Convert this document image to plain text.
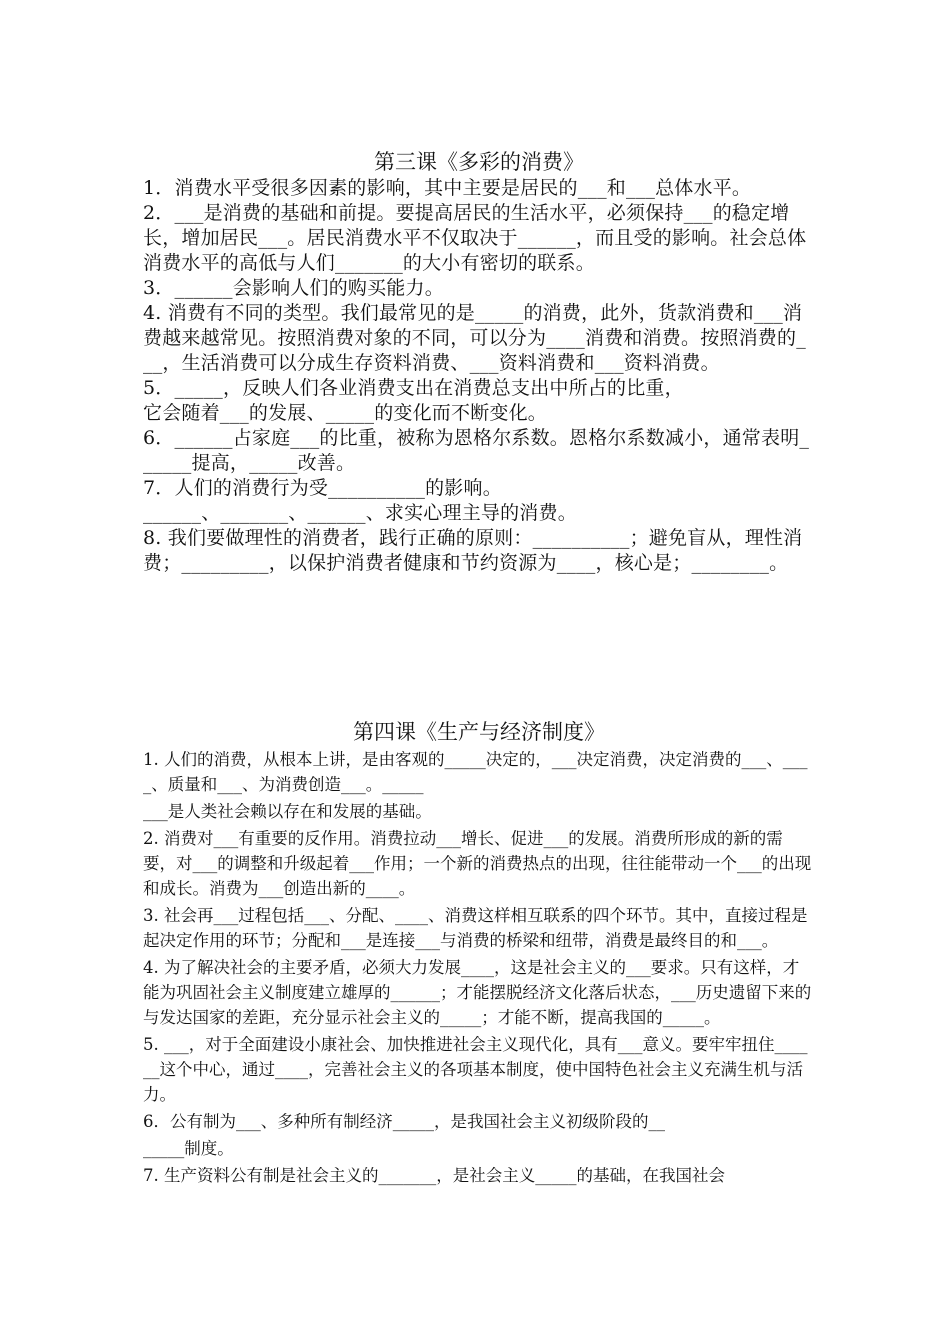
第三课《多彩的消费》

1．消费水平受很多因素的影响，其中主要是居民的___和___总体水平。

2．___是消费的基础和前提。要提高居民的生活水平，必须保持___的稳定增长，增加居民___。居民消费水平不仅取决于______，而且受的影响。社会总体消费水平的高低与人们_______的大小有密切的联系。

3．______会影响人们的购买能力。

4. 消费有不同的类型。我们最常见的是_____的消费，此外，货款消费和___消费越来越常见。按照消费对象的不同，可以分为____消费和消费。按照消费的___，生活消费可以分成生存资料消费、___资料消费和___资料消费。

5．_____，反映人们各业消费支出在消费总支出中所占的比重，

它会随着___的发展、_____的变化而不断变化。

6．______占家庭___的比重，被称为恩格尔系数。恩格尔系数减小，通常表明______提高，_____改善。

7．人们的消费行为受__________的影响。

______、_______、______、求实心理主导的消费。

8. 我们要做理性的消费者，践行正确的原则：__________；避免盲从，理性消费；_________，以保护消费者健康和节约资源为____，核心是；________。

第四课《生产与经济制度》

1. 人们的消费，从根本上讲，是由客观的_____决定的，___决定消费，决定消费的___、____、质量和___、为消费创造___。_____

___是人类社会赖以存在和发展的基础。

2. 消费对___有重要的反作用。消费拉动___增长、促进___的发展。消费所形成的新的需要，对___的调整和升级起着___作用；一个新的消费热点的出现，往往能带动一个___的出现和成长。消费为___创造出新的____。

3. 社会再___过程包括___、分配、____、消费这样相互联系的四个环节。其中，直接过程是起决定作用的环节；分配和___是连接___与消费的桥梁和纽带，消费是最终目的和___。

4. 为了解决社会的主要矛盾，必须大力发展____，这是社会主义的___要求。只有这样，才能为巩固社会主义制度建立雄厚的______；才能摆脱经济文化落后状态，___历史遗留下来的与发达国家的差距，充分显示社会主义的_____；才能不断，提高我国的_____。

5. ___，对于全面建设小康社会、加快推进社会主义现代化，具有___意义。要牢牢扭住______这个中心，通过____，完善社会主义的各项基本制度，使中国特色社会主义充满生机与活力。

6．公有制为___、多种所有制经济_____，是我国社会主义初级阶段的__

_____制度。

7. 生产资料公有制是社会主义的_______，是社会主义_____的基础，在我国社会
